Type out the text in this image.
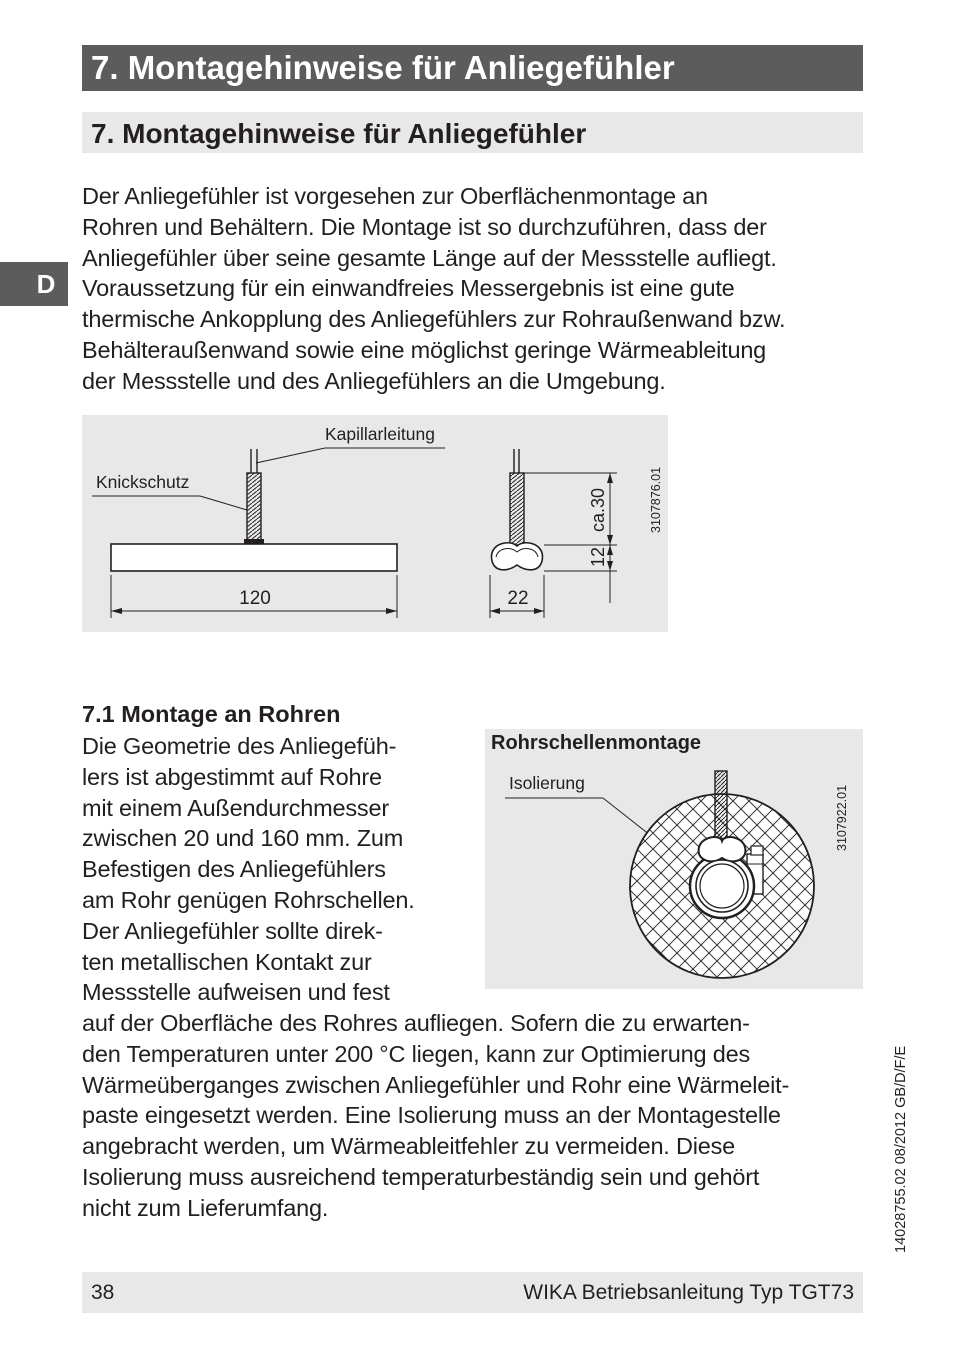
7. Montagehinweise für Anliegefühler
7. Montagehinweise für Anliegefühler
D
Der Anliegefühler ist vorgesehen zur Oberflächenmontage an
Rohren und Behältern. Die Montage ist so durchzuführen, dass der
Anliegefühler über seine gesamte Länge auf der Messstelle aufliegt.
Voraussetzung für ein einwandfreies Messergebnis ist eine gute
thermische Ankopplung des Anliegefühlers zur Rohraußenwand bzw.
Behälteraußenwand sowie eine möglichst geringe Wärmeableitung
der Messstelle und des Anliegefühlers an die Umgebung.
Kapillarleitung
Knickschutz
120	22
ca.30
12
3107876.01
7.1 Montage an Rohren
Die Geometrie des Anliegefüh-
lers ist abgestimmt auf Rohre
mit einem Außendurchmesser
zwischen 20 und 160 mm. Zum
Befestigen des Anliegefühlers
am Rohr genügen Rohrschellen.
Der Anliegefühler sollte direk-
ten metallischen Kontakt zur
Messstelle aufweisen und fest
Rohrschellenmontage
Isolierung
3107922.01
auf der Oberfläche des Rohres aufliegen. Sofern die zu erwarten-
den Temperaturen unter 200 °C liegen, kann zur Optimierung des
Wärmeüberganges zwischen Anliegefühler und Rohr eine Wärmeleit-
paste eingesetzt werden. Eine Isolierung muss an der Montagestelle
angebracht werden, um Wärmeableitfehler zu vermeiden. Diese
Isolierung muss ausreichend temperaturbeständig sein und gehört
nicht zum Lieferumfang.	14028755.02 08/2012 GB/D/F/E
38	WIKA Betriebsanleitung Typ TGT73
